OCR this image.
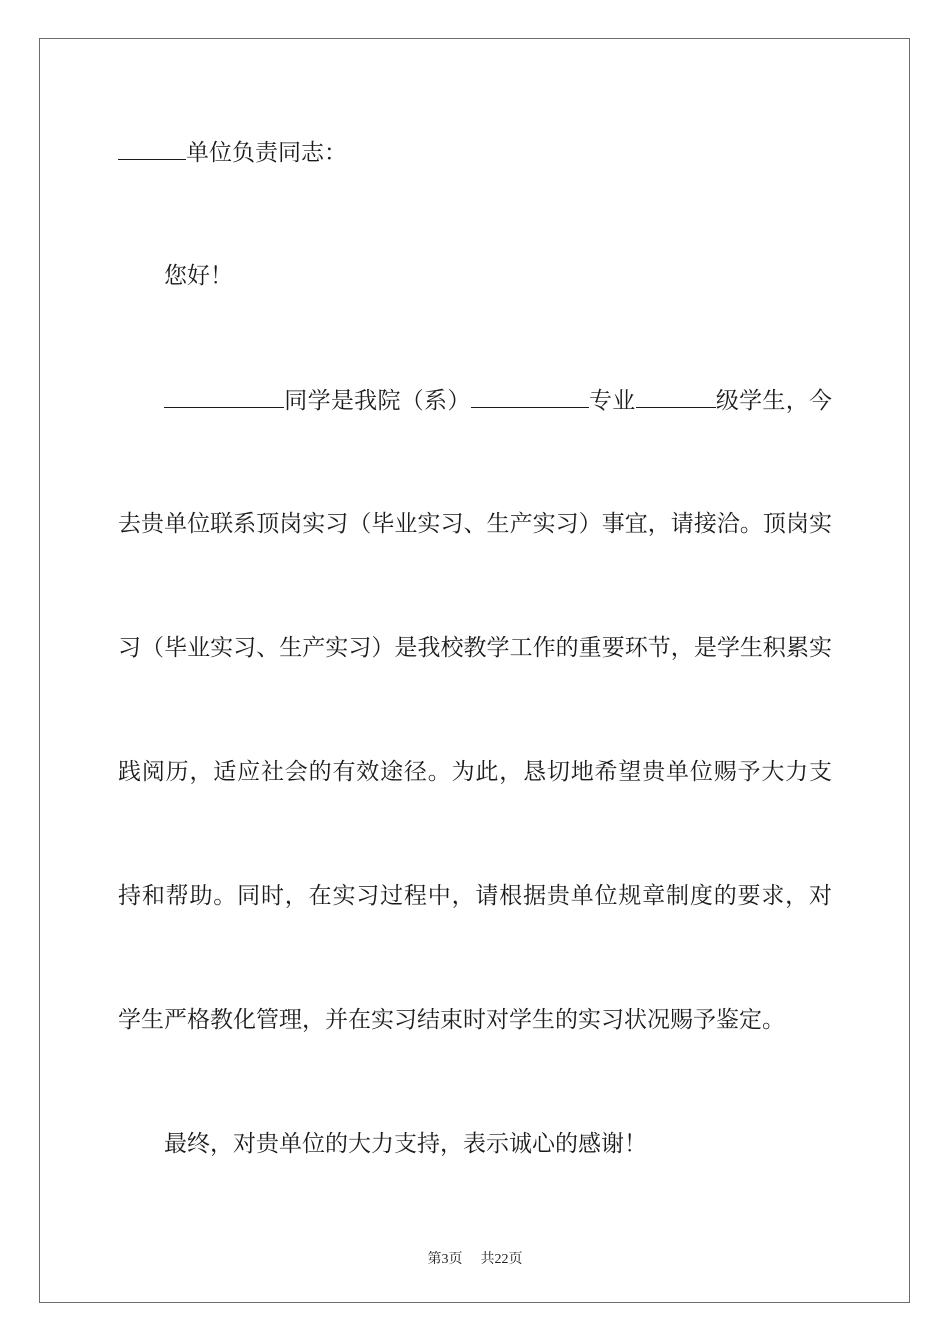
单位负责同志：
您好！
同学是我院（系）	专业	级学生，今
去贵单位联系顶岗实习（毕业实习、生产实习）事宜，请接洽。顶岗实
习（毕业实习、生产实习）是我校教学工作的重要环节，是学生积累实
践阅历，适应社会的有效途径。为此，恳切地希望贵单位赐予大力支
持和帮助。同时，在实习过程中，请根据贵单位规章制度的要求，对
学生严格教化管理，并在实习结束时对学生的实习状况赐予鉴定。
最终，对贵单位的大力支持，表示诚心的感谢！
第3页 共22页
